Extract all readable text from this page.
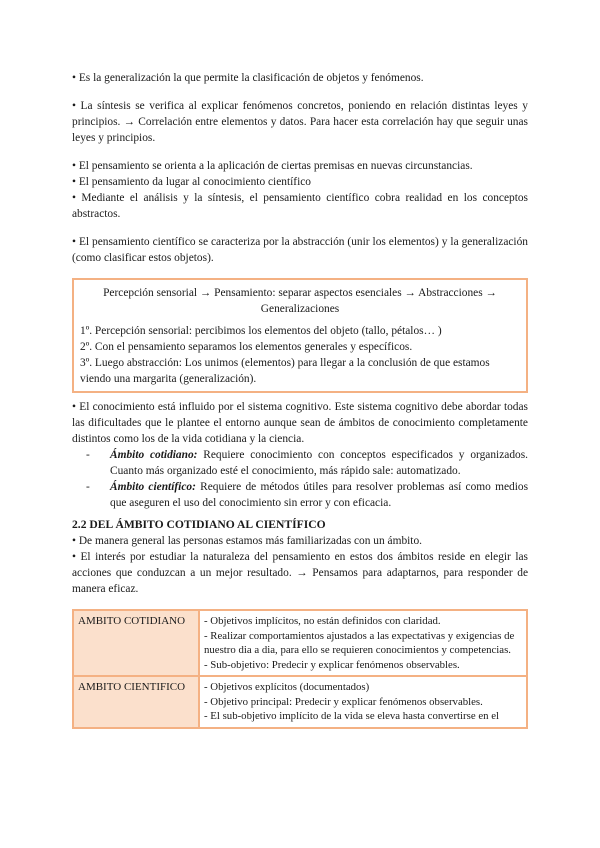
• Es la generalización la que permite la clasificación de objetos y fenómenos.

• La síntesis se verifica al explicar fenómenos concretos, poniendo en relación distintas leyes y principios. → Correlación entre elementos y datos. Para hacer esta correlación hay que seguir unas leyes y principios.

• El pensamiento se orienta a la aplicación de ciertas premisas en nuevas circunstancias.

• El pensamiento da lugar al conocimiento científico

• Mediante el análisis y la síntesis, el pensamiento científico cobra realidad en los conceptos abstractos.

• El pensamiento científico se caracteriza por la abstracción (unir los elementos) y la generalización (como clasificar estos objetos).

Percepción sensorial → Pensamiento: separar aspectos esenciales → Abstracciones → Generalizaciones

1º. Percepción sensorial: percibimos los elementos del objeto (tallo, pétalos… )

2º. Con el pensamiento separamos los elementos generales y específicos.

3º. Luego abstracción: Los unimos (elementos) para llegar a la conclusión de que estamos viendo una margarita (generalización).

• El conocimiento está influido por el sistema cognitivo. Este sistema cognitivo debe abordar todas las dificultades que le plantee el entorno aunque sean de ámbitos de conocimiento completamente distintos como los de la vida cotidiana y la ciencia.

-	Ámbito cotidiano: Requiere conocimiento con conceptos especificados y organizados. Cuanto más organizado esté el conocimiento, más rápido sale: automatizado.
-	Ámbito científico: Requiere de métodos útiles para resolver problemas así como medios que aseguren el uso del conocimiento sin error y con eficacia.
2.2 DEL ÁMBITO COTIDIANO AL CIENTÍFICO

• De manera general las personas estamos más familiarizadas con un ámbito.

• El interés por estudiar la naturaleza del pensamiento en estos dos ámbitos reside en elegir las acciones que conduzcan a un mejor resultado. → Pensamos para adaptarnos, para responder de manera eficaz.

AMBITO COTIDIANO	- Objetivos implícitos, no están definidos con claridad.
- Realizar comportamientos ajustados a las expectativas y exigencias de nuestro dia a dia, para ello se requieren conocimientos y competencias.
- Sub-objetivo: Predecir y explicar fenómenos observables.

AMBITO CIENTIFICO	- Objetivos explícitos (documentados)
- Objetivo principal: Predecir y explicar fenómenos observables.
- El sub-objetivo implícito de la vida se eleva hasta convertirse en el
